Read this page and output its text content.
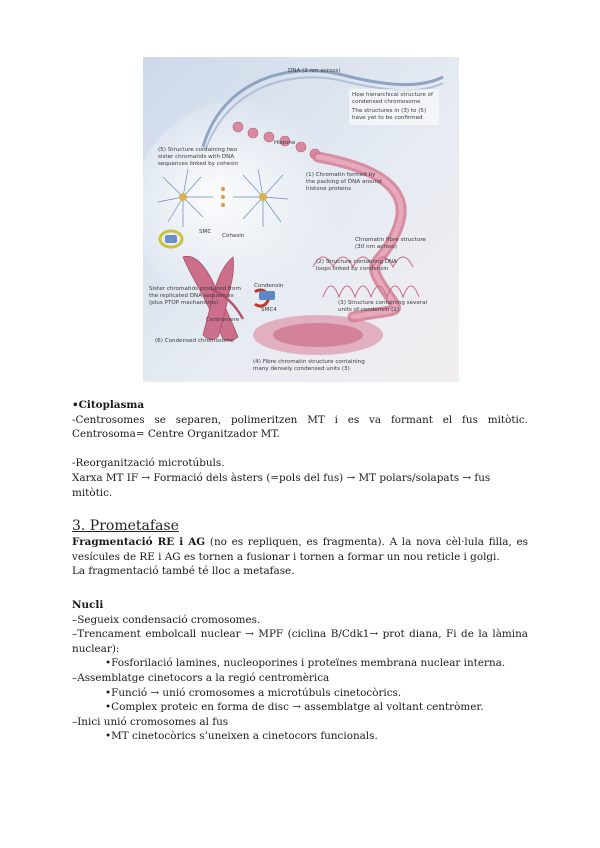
DNA (2 nm across)
How hierarchical structure of
condensed chromosome
The structures in (3) to (5)
have yet to be confirmed
Histone
(1) Chromatin formed by
the packing of DNA around
histone proteins
(5) Structure containing two
sister chromatids with DNA
sequences linked by cohesin
Cohesin
SMC
Chromatin fibre structure
(30 nm across)
(2) Structure containing DNA
loops linked by condensin
Sister chromatids produced from
the replicated DNA sequences
(plus PTOP mechanisms)
Condensin
SMC4
(3) Structure containing several
units of condensin (2)
Centromere
(6) Condensed chromosome
(4) Fibre chromatin structure containing
many densely condensed units (3)

•Citoplasma

-Centrosomes se separen, polimeritzen MT i es va formant el fus mitòtic. Centrosoma= Centre Organitzador MT.

-Reorganització microtúbuls.

Xarxa MT IF → Formació dels àsters (=pols del fus) → MT polars/solapats → fus mitòtic.

3. Prometafase

Fragmentació RE i AG (no es repliquen, es fragmenta). A la nova cèl·lula filla, es vesícules de RE i AG es tornen a fusionar i tornen a formar un nou reticle i golgi.

La fragmentació també té lloc a metafase.

Nucli

–Segueix condensació cromosomes.

–Trencament embolcall nuclear → MPF (ciclina B/Cdk1→ prot diana, Fi de la làmina nuclear):

•Fosforilació lamines, nucleoporines i proteïnes membrana nuclear interna.

–Assemblatge cinetocors a la regió centromèrica

•Funció → unió cromosomes a microtúbuls cinetocòrics.

•Complex proteic en forma de disc → assemblatge al voltant centròmer.

–Inici unió cromosomes al fus

•MT cinetocòrics s’uneixen a cinetocors funcionals.
